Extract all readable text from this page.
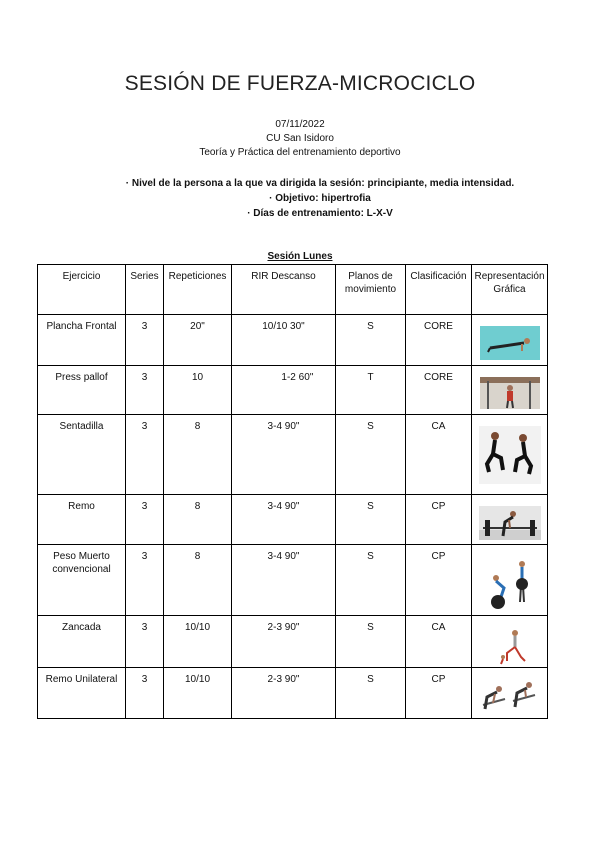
SESIÓN DE FUERZA-MICROCICLO
07/11/2022
CU San Isidoro
Teoría y Práctica del entrenamiento deportivo
· Nivel de la persona a la que va dirigida la sesión: principiante, media intensidad.
· Objetivo: hipertrofia
· Días de entrenamiento: L-X-V
Sesión Lunes
Ejercicio	Series	Repeticiones	RIR Descanso	Planos de movimiento	Clasificación	Representación Gráfica
Plancha Frontal	3	20"	10/10 30"	S	CORE	

Press pallof	3	10	1-2 60''	T	CORE	

Sentadilla	3	8	3-4 90"	S	CA	

Remo	3	8	3-4 90"	S	CP	

Peso Muerto convencional	3	8	3-4 90"	S	CP	

Zancada	3	10/10	2-3 90"	S	CA	

Remo Unilateral	3	10/10	2-3 90"	S	CP	
